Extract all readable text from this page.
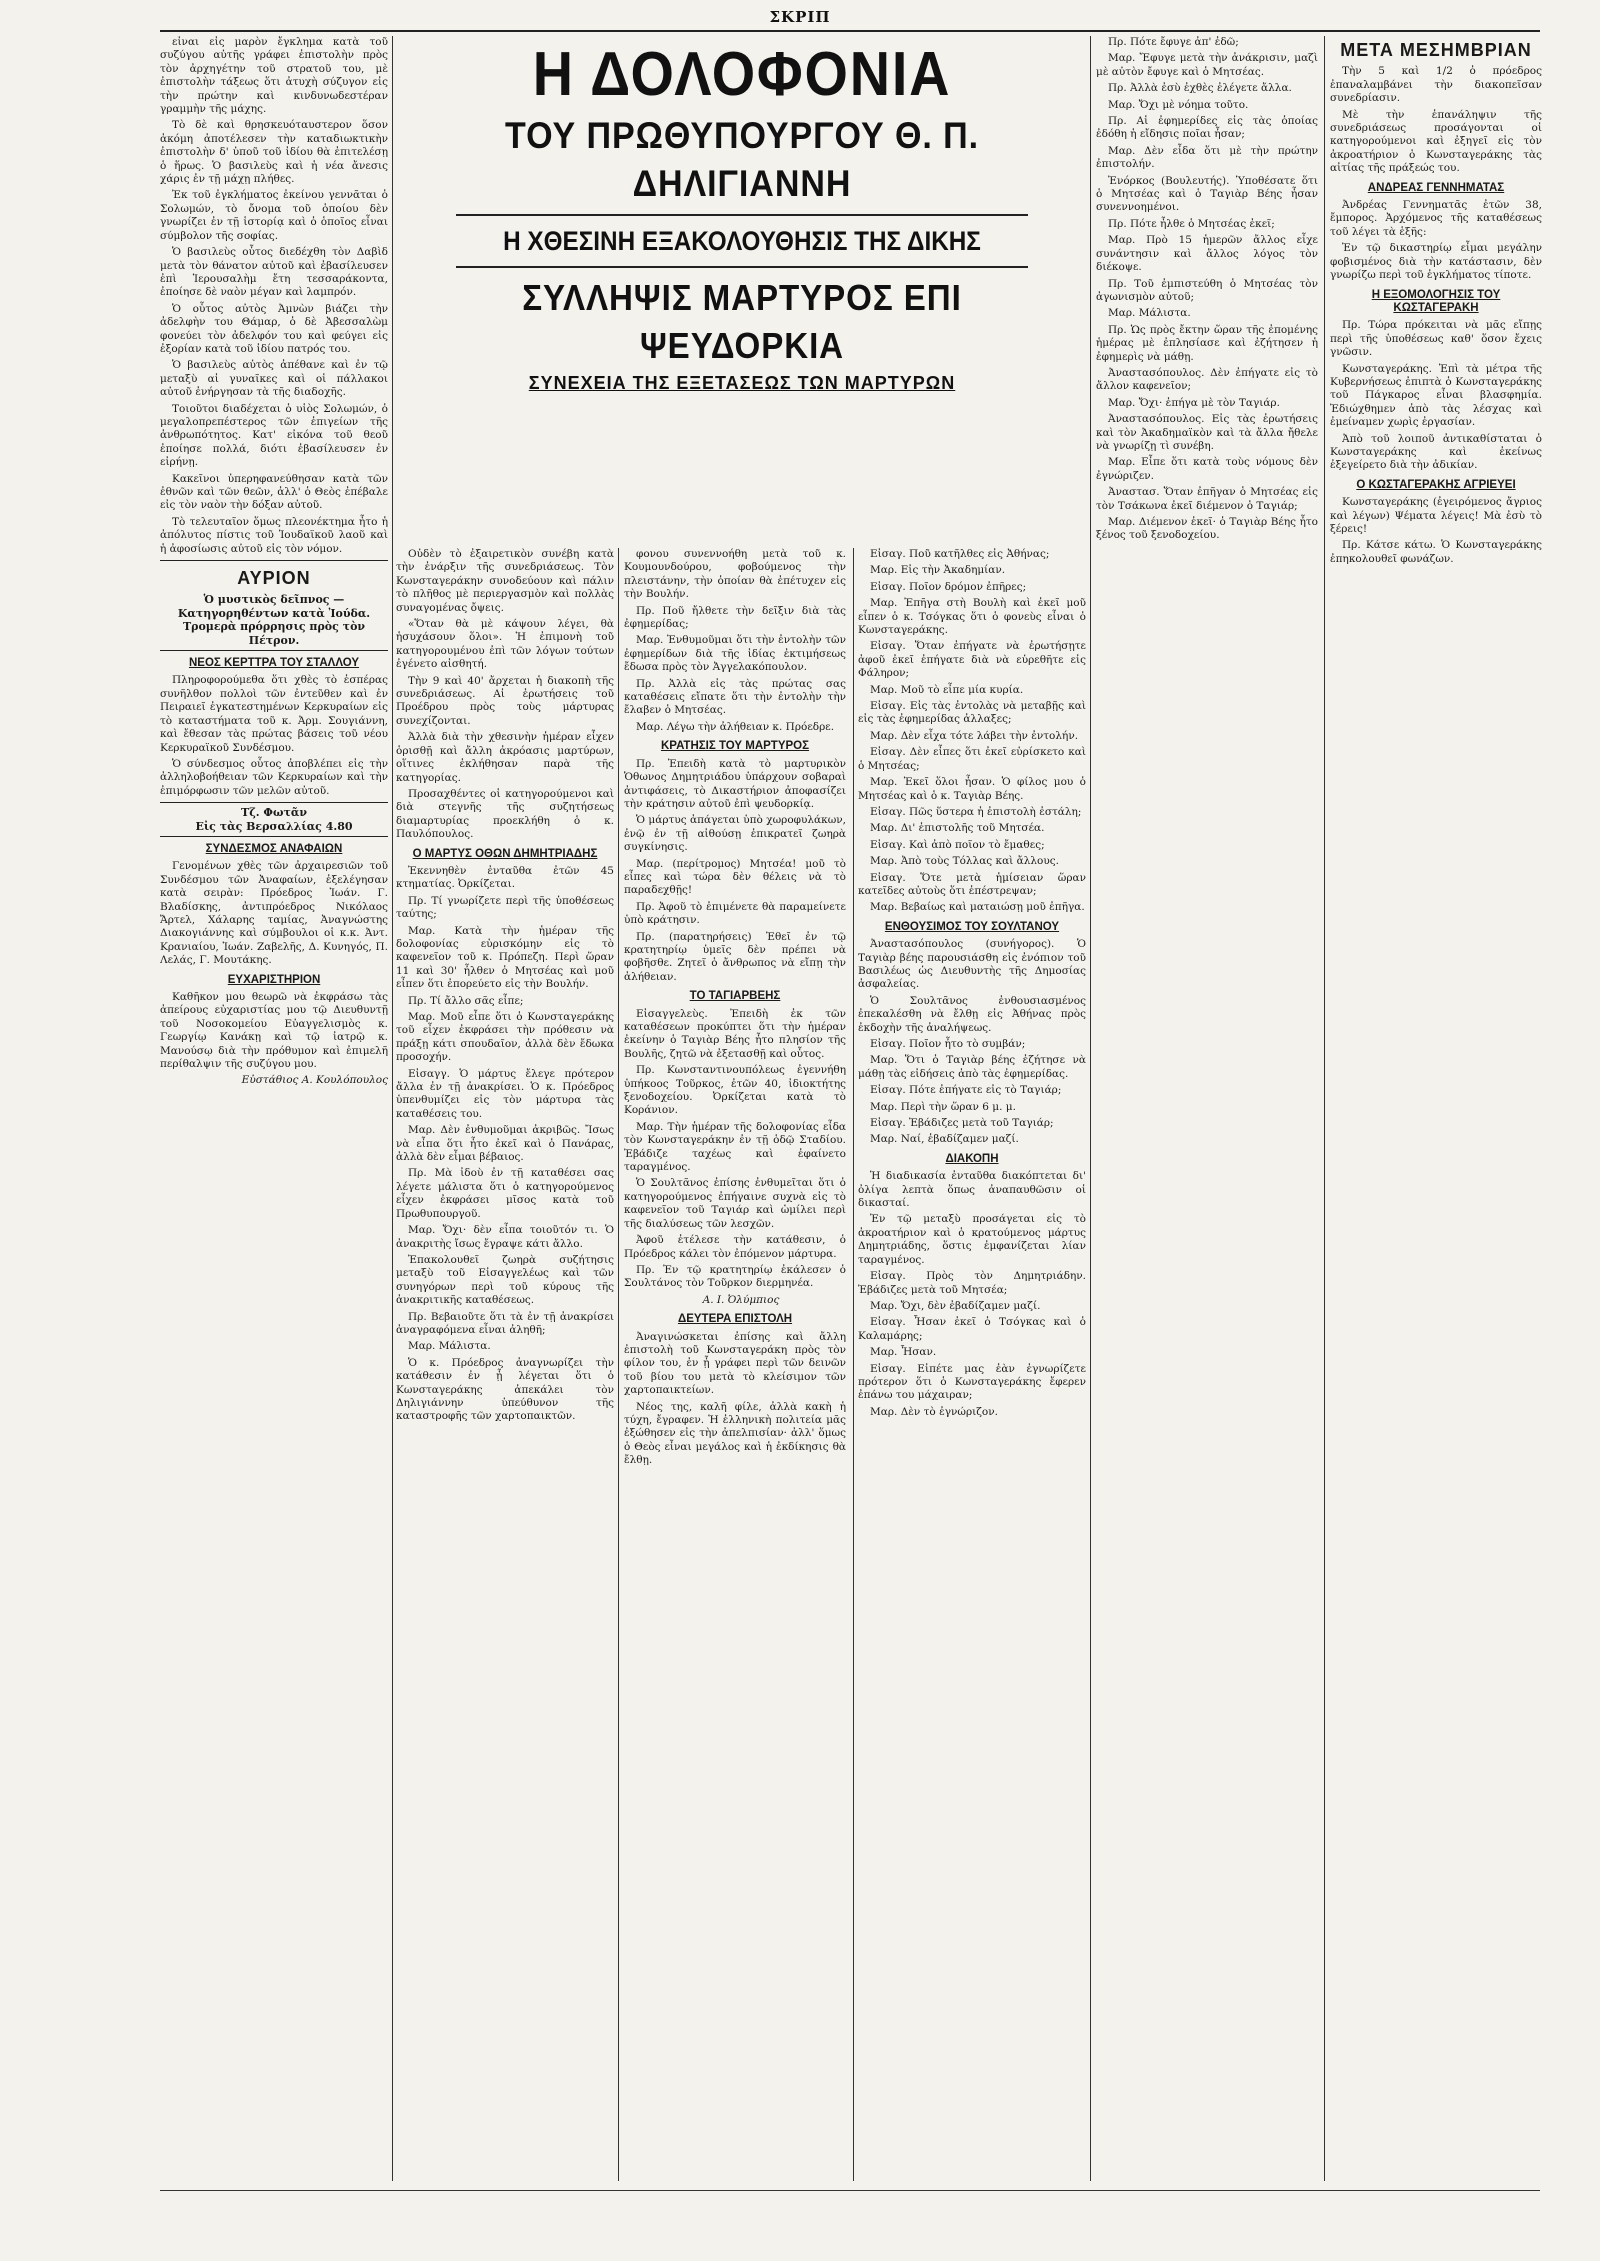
ΣΚΡΙΠ
Η ΔΟΛΟΦΟΝΙΑ
ΤΟΥ ΠΡΩΘΥΠΟΥΡΓΟΥ Θ. Π. ΔΗΛΙΓΙΑΝΝΗ
Η ΧΘΕΣΙΝΗ ΕΞΑΚΟΛΟΥΘΗΣΙΣ ΤΗΣ ΔΙΚΗΣ
ΣΥΛΛΗΨΙΣ ΜΑΡΤΥΡΟΣ ΕΠΙ ΨΕΥΔΟΡΚΙΑ
ΣΥΝΕΧΕΙΑ ΤΗΣ ΕΞΕΤΑΣΕΩΣ ΤΩΝ ΜΑΡΤΥΡΩΝ

εἶναι εἰς μαρὸν ἔγκλημα κατὰ τοῦ συζύγου αὐτῆς γράφει ἐπιστολὴν πρὸς τὸν ἀρχηγέτην τοῦ στρατοῦ του, μὲ ἐπιστολὴν τάξεως ὅτι ἀτυχὴ σύζυγον εἰς τὴν πρώτην καὶ κινδυνωδεστέραν γραμμὴν τῆς μάχης.

Τὸ δὲ καὶ θρησκευόταυστερον ὅσον ἀκόμη ἀποτέλεσεν τὴν καταδιωκτικὴν ἐπιστολὴν δ' ὑποῦ τοῦ ἰδίου θὰ ἐπιτελέσῃ ὁ ἥρως. Ὁ βασιλεὺς καὶ ἡ νέα ἄνεσις χάρις ἐν τῇ μάχῃ πλήθες.

Ἐκ τοῦ ἐγκλήματος ἐκείνου γεννᾶται ὁ Σολωμών, τὸ ὄνομα τοῦ ὁποίου δὲν γνωρίζει ἐν τῇ ἱστορίᾳ καὶ ὁ ὁποῖος εἶναι σύμβολον τῆς σοφίας.

Ὁ βασιλεὺς οὗτος διεδέχθη τὸν Δαβὶδ μετὰ τὸν θάνατον αὐτοῦ καὶ ἐβασίλευσεν ἐπὶ Ἱερουσαλὴμ ἔτη τεσσαράκοντα, ἐποίησε δὲ ναὸν μέγαν καὶ λαμπρόν.

Ὁ οὗτος αὐτὸς Ἀμνὼν βιάζει τὴν ἀδελφὴν του Θάμαρ, ὁ δὲ Ἀβεσσαλὼμ φονεύει τὸν ἀδελφόν του καὶ φεύγει εἰς ἐξορίαν κατὰ τοῦ ἰδίου πατρός του.

Ὁ βασιλεὺς αὐτὸς ἀπέθανε καὶ ἐν τῷ μεταξὺ αἱ γυναῖκες καὶ οἱ πάλλακοι αὐτοῦ ἐνήργησαν τὰ τῆς διαδοχῆς.

Τοιοῦτοι διαδέχεται ὁ υἱὸς Σολωμών, ὁ μεγαλοπρεπέστερος τῶν ἐπιγείων τῆς ἀνθρωπότητος. Κατ' εἰκόνα τοῦ θεοῦ ἐποίησε πολλά, διότι ἐβασίλευσεν ἐν εἰρήνῃ.

Κακεῖνοι ὑπερηφανεύθησαν κατὰ τῶν ἐθνῶν καὶ τῶν θεῶν, ἀλλ' ὁ Θεὸς ἐπέβαλε εἰς τὸν ναὸν τὴν δόξαν αὐτοῦ.

Τὸ τελευταῖον ὅμως πλεονέκτημα ἦτο ἡ ἀπόλυτος πίστις τοῦ Ἰουδαϊκοῦ λαοῦ καὶ ἡ ἀφοσίωσις αὐτοῦ εἰς τὸν νόμον.

ΑΥΡΙΟΝ
Ὁ μυστικὸς δεῖπνος — Κατηγορηθέντων κατὰ Ἰούδα. Τρομερὰ πρόρρησις πρὸς τὸν Πέτρον.
ΝΕΟΣ ΚΕΡΤΤΡΑ ΤΟΥ ΣΤΑΛΛΟΥ

Πληροφορούμεθα ὅτι χθὲς τὸ ἑσπέρας συνῆλθον πολλοὶ τῶν ἐντεῦθεν καὶ ἐν Πειραιεῖ ἐγκατεστημένων Κερκυραίων εἰς τὸ καταστήματα τοῦ κ. Ἀρμ. Σουγιάννη, καὶ ἔθεσαν τὰς πρώτας βάσεις τοῦ νέου Κερκυραϊκοῦ Συνδέσμου.

Ὁ σύνδεσμος οὗτος ἀποβλέπει εἰς τὴν ἀλληλοβοήθειαν τῶν Κερκυραίων καὶ τὴν ἐπιμόρφωσιν τῶν μελῶν αὐτοῦ.

Τζ. Φωτᾶν
Εἰς τὰς Βερσαλλίας 4.80
ΣΥΝΔΕΣΜΟΣ ΑΝΑΦΑΙΩΝ

Γενομένων χθὲς τῶν ἀρχαιρεσιῶν τοῦ Συνδέσμου τῶν Ἀναφαίων, ἐξελέγησαν κατὰ σειρὰν: Πρόεδρος Ἰωάν. Γ. Βλαδίσκης, ἀντιπρόεδρος Νικόλαος Ἄρτελ, Χάλαρης ταμίας, Ἀναγνώστης Διακογιάννης καὶ σύμβουλοι οἱ κ.κ. Ἀντ. Κρανιαίου, Ἰωάν. Ζαβελῆς, Δ. Κυνηγός, Π. Λελάς, Γ. Μουτάκης.

ΕΥΧΑΡΙΣΤΗΡΙΟΝ

Καθῆκον μου θεωρῶ νὰ ἐκφράσω τὰς ἀπείρους εὐχαριστίας μου τῷ Διευθυντῇ τοῦ Νοσοκομείου Εὐαγγελισμὸς κ. Γεωργίῳ Κανάκῃ καὶ τῷ ἰατρῷ κ. Μανούσῳ διὰ τὴν πρόθυμον καὶ ἐπιμελῆ περίθαλψιν τῆς συζύγου μου.

Εὐστάθιος Α. Κουλόπουλος

Οὐδὲν τὸ ἐξαιρετικὸν συνέβη κατὰ τὴν ἐνάρξιν τῆς συνεδριάσεως. Τὸν Κωνσταγεράκην συνοδεύουν καὶ πάλιν τὸ πλῆθος μὲ περιεργασμὸν καὶ πολλὰς συναγομένας ὄψεις.

«Ὅταν θὰ μὲ κάψουν λέγει, θὰ ἡσυχάσουν ὅλοι». Ἡ ἐπιμονὴ τοῦ κατηγορουμένου ἐπὶ τῶν λόγων τούτων ἐγένετο αἰσθητή.

Τὴν 9 καὶ 40' ἄρχεται ἡ διακοπὴ τῆς συνεδριάσεως. Αἱ ἐρωτήσεις τοῦ Προέδρου πρὸς τοὺς μάρτυρας συνεχίζονται.

Ἀλλὰ διὰ τὴν χθεσινὴν ἡμέραν εἶχεν ὁρισθῇ καὶ ἄλλη ἀκρόασις μαρτύρων, οἵτινες ἐκλήθησαν παρὰ τῆς κατηγορίας.

Προσαχθέντες οἱ κατηγορούμενοι καὶ διὰ στεγνῆς τῆς συζητήσεως διαμαρτυρίας προεκλήθη ὁ κ. Παυλόπουλος.

Ο ΜΑΡΤΥΣ ΟΘΩΝ ΔΗΜΗΤΡΙΑΔΗΣ

Ἐκεννηθὲν ἐνταῦθα ἐτῶν 45 κτηματίας. Ὀρκίζεται.

Πρ. Τί γνωρίζετε περὶ τῆς ὑποθέσεως ταύτης;

Μαρ. Κατὰ τὴν ἡμέραν τῆς δολοφονίας εὑρισκόμην εἰς τὸ καφενεῖον τοῦ κ. Πρόπεζη. Περὶ ὥραν 11 καὶ 30' ἦλθεν ὁ Μητσέας καὶ μοῦ εἶπεν ὅτι ἐπορεύετο εἰς τὴν Βουλήν.

Πρ. Τί ἄλλο σᾶς εἶπε;

Μαρ. Μοῦ εἶπε ὅτι ὁ Κωνσταγεράκης τοῦ εἶχεν ἐκφράσει τὴν πρόθεσιν νὰ πράξῃ κάτι σπουδαῖον, ἀλλὰ δὲν ἔδωκα προσοχήν.

Εἰσαγγ. Ὁ μάρτυς ἔλεγε πρότερον ἄλλα ἐν τῇ ἀνακρίσει. Ὁ κ. Πρόεδρος ὑπενθυμίζει εἰς τὸν μάρτυρα τὰς καταθέσεις του.

Μαρ. Δὲν ἐνθυμοῦμαι ἀκριβῶς. Ἴσως νὰ εἶπα ὅτι ἦτο ἐκεῖ καὶ ὁ Πανάρας, ἀλλὰ δὲν εἶμαι βέβαιος.

Πρ. Μὰ ἰδοὺ ἐν τῇ καταθέσει σας λέγετε μάλιστα ὅτι ὁ κατηγορούμενος εἶχεν ἐκφράσει μῖσος κατὰ τοῦ Πρωθυπουργοῦ.

Μαρ. Ὄχι· δὲν εἶπα τοιοῦτόν τι. Ὁ ἀνακριτὴς ἴσως ἔγραψε κάτι ἄλλο.

Ἐπακολουθεῖ ζωηρὰ συζήτησις μεταξὺ τοῦ Εἰσαγγελέως καὶ τῶν συνηγόρων περὶ τοῦ κύρους τῆς ἀνακριτικῆς καταθέσεως.

Πρ. Βεβαιοῦτε ὅτι τὰ ἐν τῇ ἀνακρίσει ἀναγραφόμενα εἶναι ἀληθῆ;

Μαρ. Μάλιστα.

Ὁ κ. Πρόεδρος ἀναγνωρίζει τὴν κατάθεσιν ἐν ᾗ λέγεται ὅτι ὁ Κωνσταγεράκης ἀπεκάλει τὸν Δηλιγιάννην ὑπεύθυνον τῆς καταστροφῆς τῶν χαρτοπαικτῶν.

φονου συνεννοήθη μετὰ τοῦ κ. Κουμουνδούρου, φοβούμενος τὴν πλειστάνην, τὴν ὁποίαν θὰ ἐπέτυχεν εἰς τὴν Βουλήν.

Πρ. Ποῦ ἤλθετε τὴν δεῖξιν διὰ τὰς ἐφημερίδας;

Μαρ. Ἐνθυμοῦμαι ὅτι τὴν ἐντολὴν τῶν ἐφημερίδων διὰ τῆς ἰδίας ἐκτιμήσεως ἔδωσα πρὸς τὸν Ἀγγελακόπουλον.

Πρ. Ἀλλὰ εἰς τὰς πρώτας σας καταθέσεις εἴπατε ὅτι τὴν ἐντολὴν τὴν ἔλαβεν ὁ Μητσέας.

Μαρ. Λέγω τὴν ἀλήθειαν κ. Πρόεδρε.

ΚΡΑΤΗΣΙΣ ΤΟΥ ΜΑΡΤΥΡΟΣ

Πρ. Ἐπειδὴ κατὰ τὸ μαρτυρικὸν Ὁθωνος Δημητριάδου ὑπάρχουν σοβαραὶ ἀντιφάσεις, τὸ Δικαστήριον ἀποφασίζει τὴν κράτησιν αὐτοῦ ἐπὶ ψευδορκίᾳ.

Ὁ μάρτυς ἀπάγεται ὑπὸ χωροφυλάκων, ἐνῷ ἐν τῇ αἰθούσῃ ἐπικρατεῖ ζωηρὰ συγκίνησις.

Μαρ. (περίτρομος) Μητσέα! μοῦ τὸ εἶπες καὶ τώρα δὲν θέλεις νὰ τὸ παραδεχθῇς!

Πρ. Ἀφοῦ τὸ ἐπιμένετε θὰ παραμείνετε ὑπὸ κράτησιν.

Πρ. (παρατηρήσεις) Ἐθεῖ ἐν τῷ κρατητηρίῳ ὑμεῖς δὲν πρέπει νὰ φοβῆσθε. Ζητεῖ ὁ ἄνθρωπος νὰ εἴπῃ τὴν ἀλήθειαν.

ΤΟ ΤΑΓΙΑΡΒΕΗΣ

Εἰσαγγελεὺς. Ἐπειδὴ ἐκ τῶν καταθέσεων προκύπτει ὅτι τὴν ἡμέραν ἐκείνην ὁ Ταγιὰρ Βέης ἦτο πλησίον τῆς Βουλῆς, ζητῶ νὰ ἐξετασθῇ καὶ οὗτος.

Πρ. Κωνσταντινουπόλεως ἐγεννήθη ὑπήκοος Τοῦρκος, ἐτῶν 40, ἰδιοκτήτης ξενοδοχείου. Ὀρκίζεται κατὰ τὸ Κοράνιον.

Μαρ. Τὴν ἡμέραν τῆς δολοφονίας εἶδα τὸν Κωνσταγεράκην ἐν τῇ ὁδῷ Σταδίου. Ἐβάδιζε ταχέως καὶ ἐφαίνετο ταραγμένος.

Ὁ Σουλτᾶνος ἐπίσης ἐνθυμεῖται ὅτι ὁ κατηγορούμενος ἐπήγαινε συχνὰ εἰς τὸ καφενεῖον τοῦ Ταγιάρ καὶ ὡμίλει περὶ τῆς διαλύσεως τῶν λεσχῶν.

Ἀφοῦ ἐτέλεσε τὴν κατάθεσιν, ὁ Πρόεδρος κάλει τὸν ἐπόμενον μάρτυρα.

Πρ. Ἐν τῷ κρατητηρίῳ ἐκάλεσεν ὁ Σουλτάνος τὸν Τοῦρκον διερμηνέα.

Α. Ι. Ὀλύμπιος

ΔΕΥΤΕΡΑ ΕΠΙΣΤΟΛΗ

Ἀναγινώσκεται ἐπίσης καὶ ἄλλη ἐπιστολὴ τοῦ Κωνσταγεράκη πρὸς τὸν φίλον του, ἐν ᾗ γράφει περὶ τῶν δεινῶν τοῦ βίου του μετὰ τὸ κλείσιμον τῶν χαρτοπαικτείων.

Νέος της, καλῆ φίλε, ἀλλὰ κακὴ ἡ τύχη, ἔγραφεν. Ἡ ἑλληνικὴ πολιτεία μᾶς ἐξώθησεν εἰς τὴν ἀπελπισίαν· ἀλλ' ὅμως ὁ Θεὸς εἶναι μεγάλος καὶ ἡ ἐκδίκησις θὰ ἔλθῃ.

Εἰσαγ. Ποῦ κατῆλθες εἰς Ἀθήνας;

Μαρ. Εἰς τὴν Ἀκαδημίαν.

Εἰσαγ. Ποῖον δρόμον ἐπῆρες;

Μαρ. Ἐπῆγα στὴ Βουλὴ καὶ ἐκεῖ μοῦ εἶπεν ὁ κ. Τσόγκας ὅτι ὁ φονεὺς εἶναι ὁ Κωνσταγεράκης.

Εἰσαγ. Ὅταν ἐπήγατε νὰ ἐρωτήσῃτε ἀφοῦ ἐκεῖ ἐπήγατε διὰ νὰ εὑρεθῆτε εἰς Φάληρον;

Μαρ. Μοῦ τὸ εἶπε μία κυρία.

Εἰσαγ. Εἰς τὰς ἐντολὰς νὰ μεταβῇς καὶ εἰς τὰς ἐφημερίδας ἀλλαξες;

Μαρ. Δὲν εἶχα τότε λάβει τὴν ἐντολήν.

Εἰσαγ. Δὲν εἶπες ὅτι ἐκεῖ εὑρίσκετο καὶ ὁ Μητσέας;

Μαρ. Ἐκεῖ ὅλοι ἦσαν. Ὁ φίλος μου ὁ Μητσέας καὶ ὁ κ. Ταγιὰρ Βέης.

Εἰσαγ. Πῶς ὕστερα ἡ ἐπιστολὴ ἐστάλη;

Μαρ. Δι' ἐπιστολῆς τοῦ Μητσέα.

Εἰσαγ. Καὶ ἀπὸ ποῖον τὸ ἔμαθες;

Μαρ. Ἀπὸ τοὺς Τόλλας καὶ ἄλλους.

Εἰσαγ. Ὅτε μετὰ ἡμίσειαν ὥραν κατεῖδες αὐτοὺς ὅτι ἐπέστρεψαν;

Μαρ. Βεβαίως καὶ ματαιώσῃ μοῦ ἐπῆγα.

ΕΝΘΟΥΣΙΜΟΣ ΤΟΥ ΣΟΥΛΤΑΝΟΥ

Ἀναστασόπουλος (συνήγορος). Ὁ Ταγιὰρ βέης παρουσιάσθη εἰς ἐνόπιον τοῦ Βασιλέως ὡς Διευθυντὴς τῆς Δημοσίας ἀσφαλείας.

Ὁ Σουλτᾶνος ἐνθουσιασμένος ἐπεκαλέσθη νὰ ἔλθῃ εἰς Ἀθήνας πρὸς ἐκδοχὴν τῆς ἀναλήψεως.

Εἰσαγ. Ποῖον ἦτο τὸ συμβάν;

Μαρ. Ὅτι ὁ Ταγιὰρ βέης ἐζήτησε νὰ μάθῃ τὰς εἰδήσεις ἀπὸ τὰς ἐφημερίδας.

Εἰσαγ. Πότε ἐπήγατε εἰς τὸ Ταγιάρ;

Μαρ. Περὶ τὴν ὥραν 6 μ. μ.

Εἰσαγ. Ἐβάδιζες μετὰ τοῦ Ταγιάρ;

Μαρ. Ναί, ἐβαδίζαμεν μαζί.

ΔΙΑΚΟΠΗ

Ἡ διαδικασία ἐνταῦθα διακόπτεται δι' ὀλίγα λεπτὰ ὅπως ἀναπαυθῶσιν οἱ δικασταί.

Ἐν τῷ μεταξὺ προσάγεται εἰς τὸ ἀκροατήριον καὶ ὁ κρατούμενος μάρτυς Δημητριάδης, ὅστις ἐμφανίζεται λίαν ταραγμένος.

Εἰσαγ. Πρὸς τὸν Δημητριάδην. Ἐβάδιζες μετὰ τοῦ Μητσέα;

Μαρ. Ὄχι, δὲν ἐβαδίζαμεν μαζί.

Εἰσαγ. Ἦσαν ἐκεῖ ὁ Τσόγκας καὶ ὁ Καλαμάρης;

Μαρ. Ἦσαν.

Εἰσαγ. Εἰπέτε μας ἐὰν ἐγνωρίζετε πρότερον ὅτι ὁ Κωνσταγεράκης ἔφερεν ἐπάνω του μάχαιραν;

Μαρ. Δὲν τὸ ἐγνώριζον.

Πρ. Πότε ἔφυγε ἀπ' ἐδῶ;

Μαρ. Ἔφυγε μετὰ τὴν ἀνάκρισιν, μαζὶ μὲ αὐτὸν ἔφυγε καὶ ὁ Μητσέας.

Πρ. Ἀλλὰ ἐσὺ ἐχθὲς ἐλέγετε ἄλλα.

Μαρ. Ὄχι μὲ νόημα τοῦτο.

Πρ. Αἱ ἐφημερίδες εἰς τὰς ὁποίας ἐδόθη ἡ εἴδησις ποῖαι ἦσαν;

Μαρ. Δὲν εἶδα ὅτι μὲ τὴν πρώτην ἐπιστολήν.

Ἐνόρκος (Βουλευτής). Ὑποθέσατε ὅτι ὁ Μητσέας καὶ ὁ Ταγιὰρ Βέης ἦσαν συνεννοημένοι.

Πρ. Πότε ἦλθε ὁ Μητσέας ἐκεῖ;

Μαρ. Πρὸ 15 ἡμερῶν ἄλλος εἶχε συνάντησιν καὶ ἄλλος λόγος τὸν διέκοψε.

Πρ. Τοῦ ἐμπιστεύθη ὁ Μητσέας τὸν ἀγωνισμὸν αὐτοῦ;

Μαρ. Μάλιστα.

Πρ. Ὡς πρὸς ἔκτην ὥραν τῆς ἐπομένης ἡμέρας μὲ ἐπλησίασε καὶ ἐζήτησεν ἡ ἐφημερὶς νὰ μάθῃ.

Ἀναστασόπουλος. Δὲν ἐπήγατε εἰς τὸ ἄλλον καφενεῖον;

Μαρ. Ὄχι· ἐπήγα μὲ τὸν Ταγιάρ.

Ἀναστασόπουλος. Εἰς τὰς ἐρωτήσεις καὶ τὸν Ἀκαδημαϊκὸν καὶ τὰ ἄλλα ἤθελε νὰ γνωρίζῃ τὶ συνέβη.

Μαρ. Εἶπε ὅτι κατὰ τοὺς νόμους δὲν ἐγνώριζεν.

Ἀναστασ. Ὅταν ἐπῆγαν ὁ Μητσέας εἰς τὸν Τσάκωνα ἐκεῖ διέμενον ὁ Ταγιάρ;

Μαρ. Διέμενον ἐκεῖ· ὁ Ταγιὰρ Βέης ἦτο ξένος τοῦ ξενοδοχείου.

ΜΕΤΑ ΜΕΣΗΜΒΡΙΑΝ

Τὴν 5 καὶ 1/2 ὁ πρόεδρος ἐπαναλαμβάνει τὴν διακοπεῖσαν συνεδρίασιν.

Μὲ τὴν ἐπανάληψιν τῆς συνεδριάσεως προσάγονται οἱ κατηγορούμενοι καὶ ἐξηγεῖ εἰς τὸν ἀκροατήριον ὁ Κωνσταγεράκης τὰς αἰτίας τῆς πράξεώς του.

ΑΝΔΡΕΑΣ ΓΕΝΝΗΜΑΤΑΣ

Ἀνδρέας Γεννηματᾶς ἐτῶν 38, ἔμπορος. Ἀρχόμενος τῆς καταθέσεως τοῦ λέγει τὰ ἑξῆς:

Ἐν τῷ δικαστηρίῳ εἶμαι μεγάλην φοβισμένος διὰ τὴν κατάστασιν, δὲν γνωρίζω περὶ τοῦ ἐγκλήματος τίποτε.

Η ΕΞΟΜΟΛΟΓΗΣΙΣ ΤΟΥ ΚΩΣΤΑΓΕΡΑΚΗ

Πρ. Τώρα πρόκειται νὰ μᾶς εἴπῃς περὶ τῆς ὑποθέσεως καθ' ὅσον ἔχεις γνῶσιν.

Κωνσταγεράκης. Ἐπὶ τὰ μέτρα τῆς Κυβερνήσεως ἐπιπτὰ ὁ Κωνσταγεράκης τοῦ Πάγκαρος εἶναι βλασφημία. Ἐδιώχθημεν ἀπὸ τὰς λέσχας καὶ ἐμείναμεν χωρὶς ἐργασίαν.

Ἀπὸ τοῦ λοιποῦ ἀντικαθίσταται ὁ Κωνσταγεράκης καὶ ἐκείνως ἐξεγείρετο διὰ τὴν ἀδικίαν.

Ο ΚΩΣΤΑΓΕΡΑΚΗΣ ΑΓΡΙΕΥΕΙ

Κωνσταγεράκης (ἐγειρόμενος ἄγριος καὶ λέγων) Ψέματα λέγεις! Μὰ ἐσὺ τὸ ξέρεις!

Πρ. Κάτσε κάτω. Ὁ Κωνσταγεράκης ἐπηκολουθεῖ φωνάζων.
